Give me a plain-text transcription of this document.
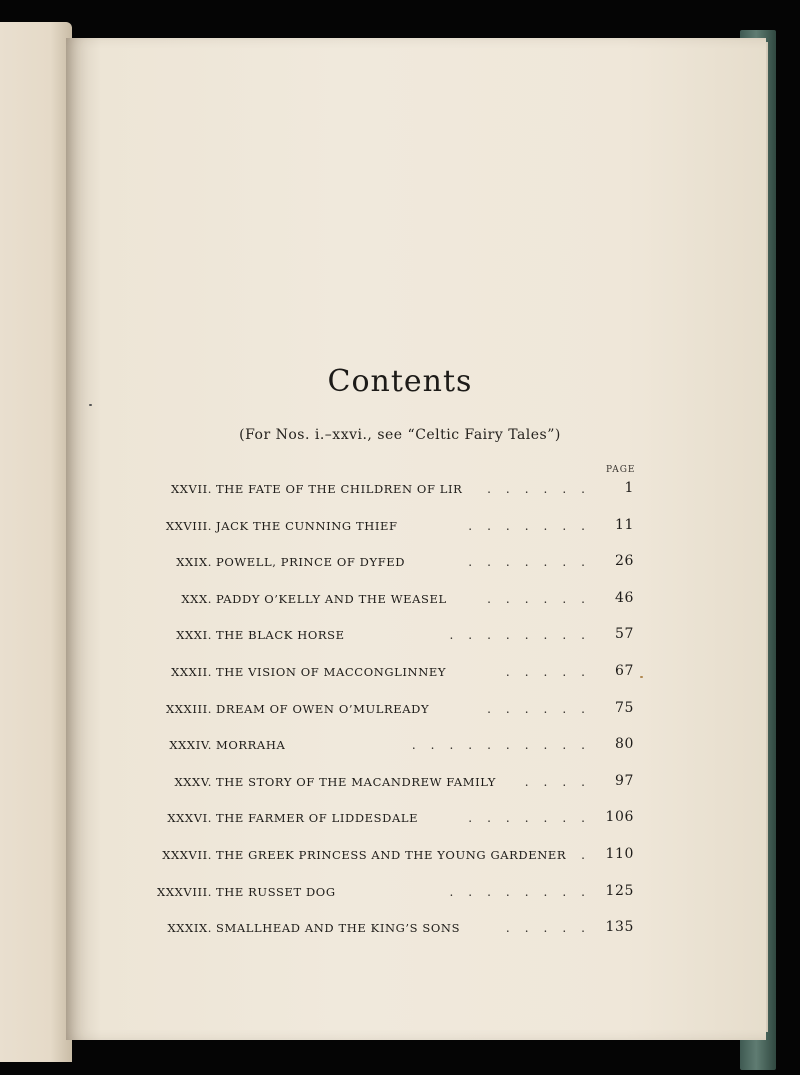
Contents
(For Nos. i.–xxvi., see “Celtic Fairy Tales”)
PAGE
XXVII. THE FATE OF THE CHILDREN OF LIR ...... 1
XXVIII. JACK THE CUNNING THIEF	....... 11
XXIX. POWELL, PRINCE OF DYFED	....... 26
XXX. PADDY O’KELLY AND THE WEASEL	...... 46
XXXI. THE BLACK HORSE	........ 57
XXXII. THE VISION OF MACCONGLINNEY	..... 67
XXXIII. DREAM OF OWEN O’MULREADY	...... 75
XXXIV. MORRAHA	.......... 80
XXXV. THE STORY OF THE MACANDREW FAMILY .... 97
XXXVI. THE FARMER OF LIDDESDALE	....... 106
XXXVII. THE GREEK PRINCESS AND THE YOUNG GARDENER
.. 110
XXXVIII. THE RUSSET DOG	........ 125
XXXIX. SMALLHEAD AND THE KING’S SONS	..... 135
